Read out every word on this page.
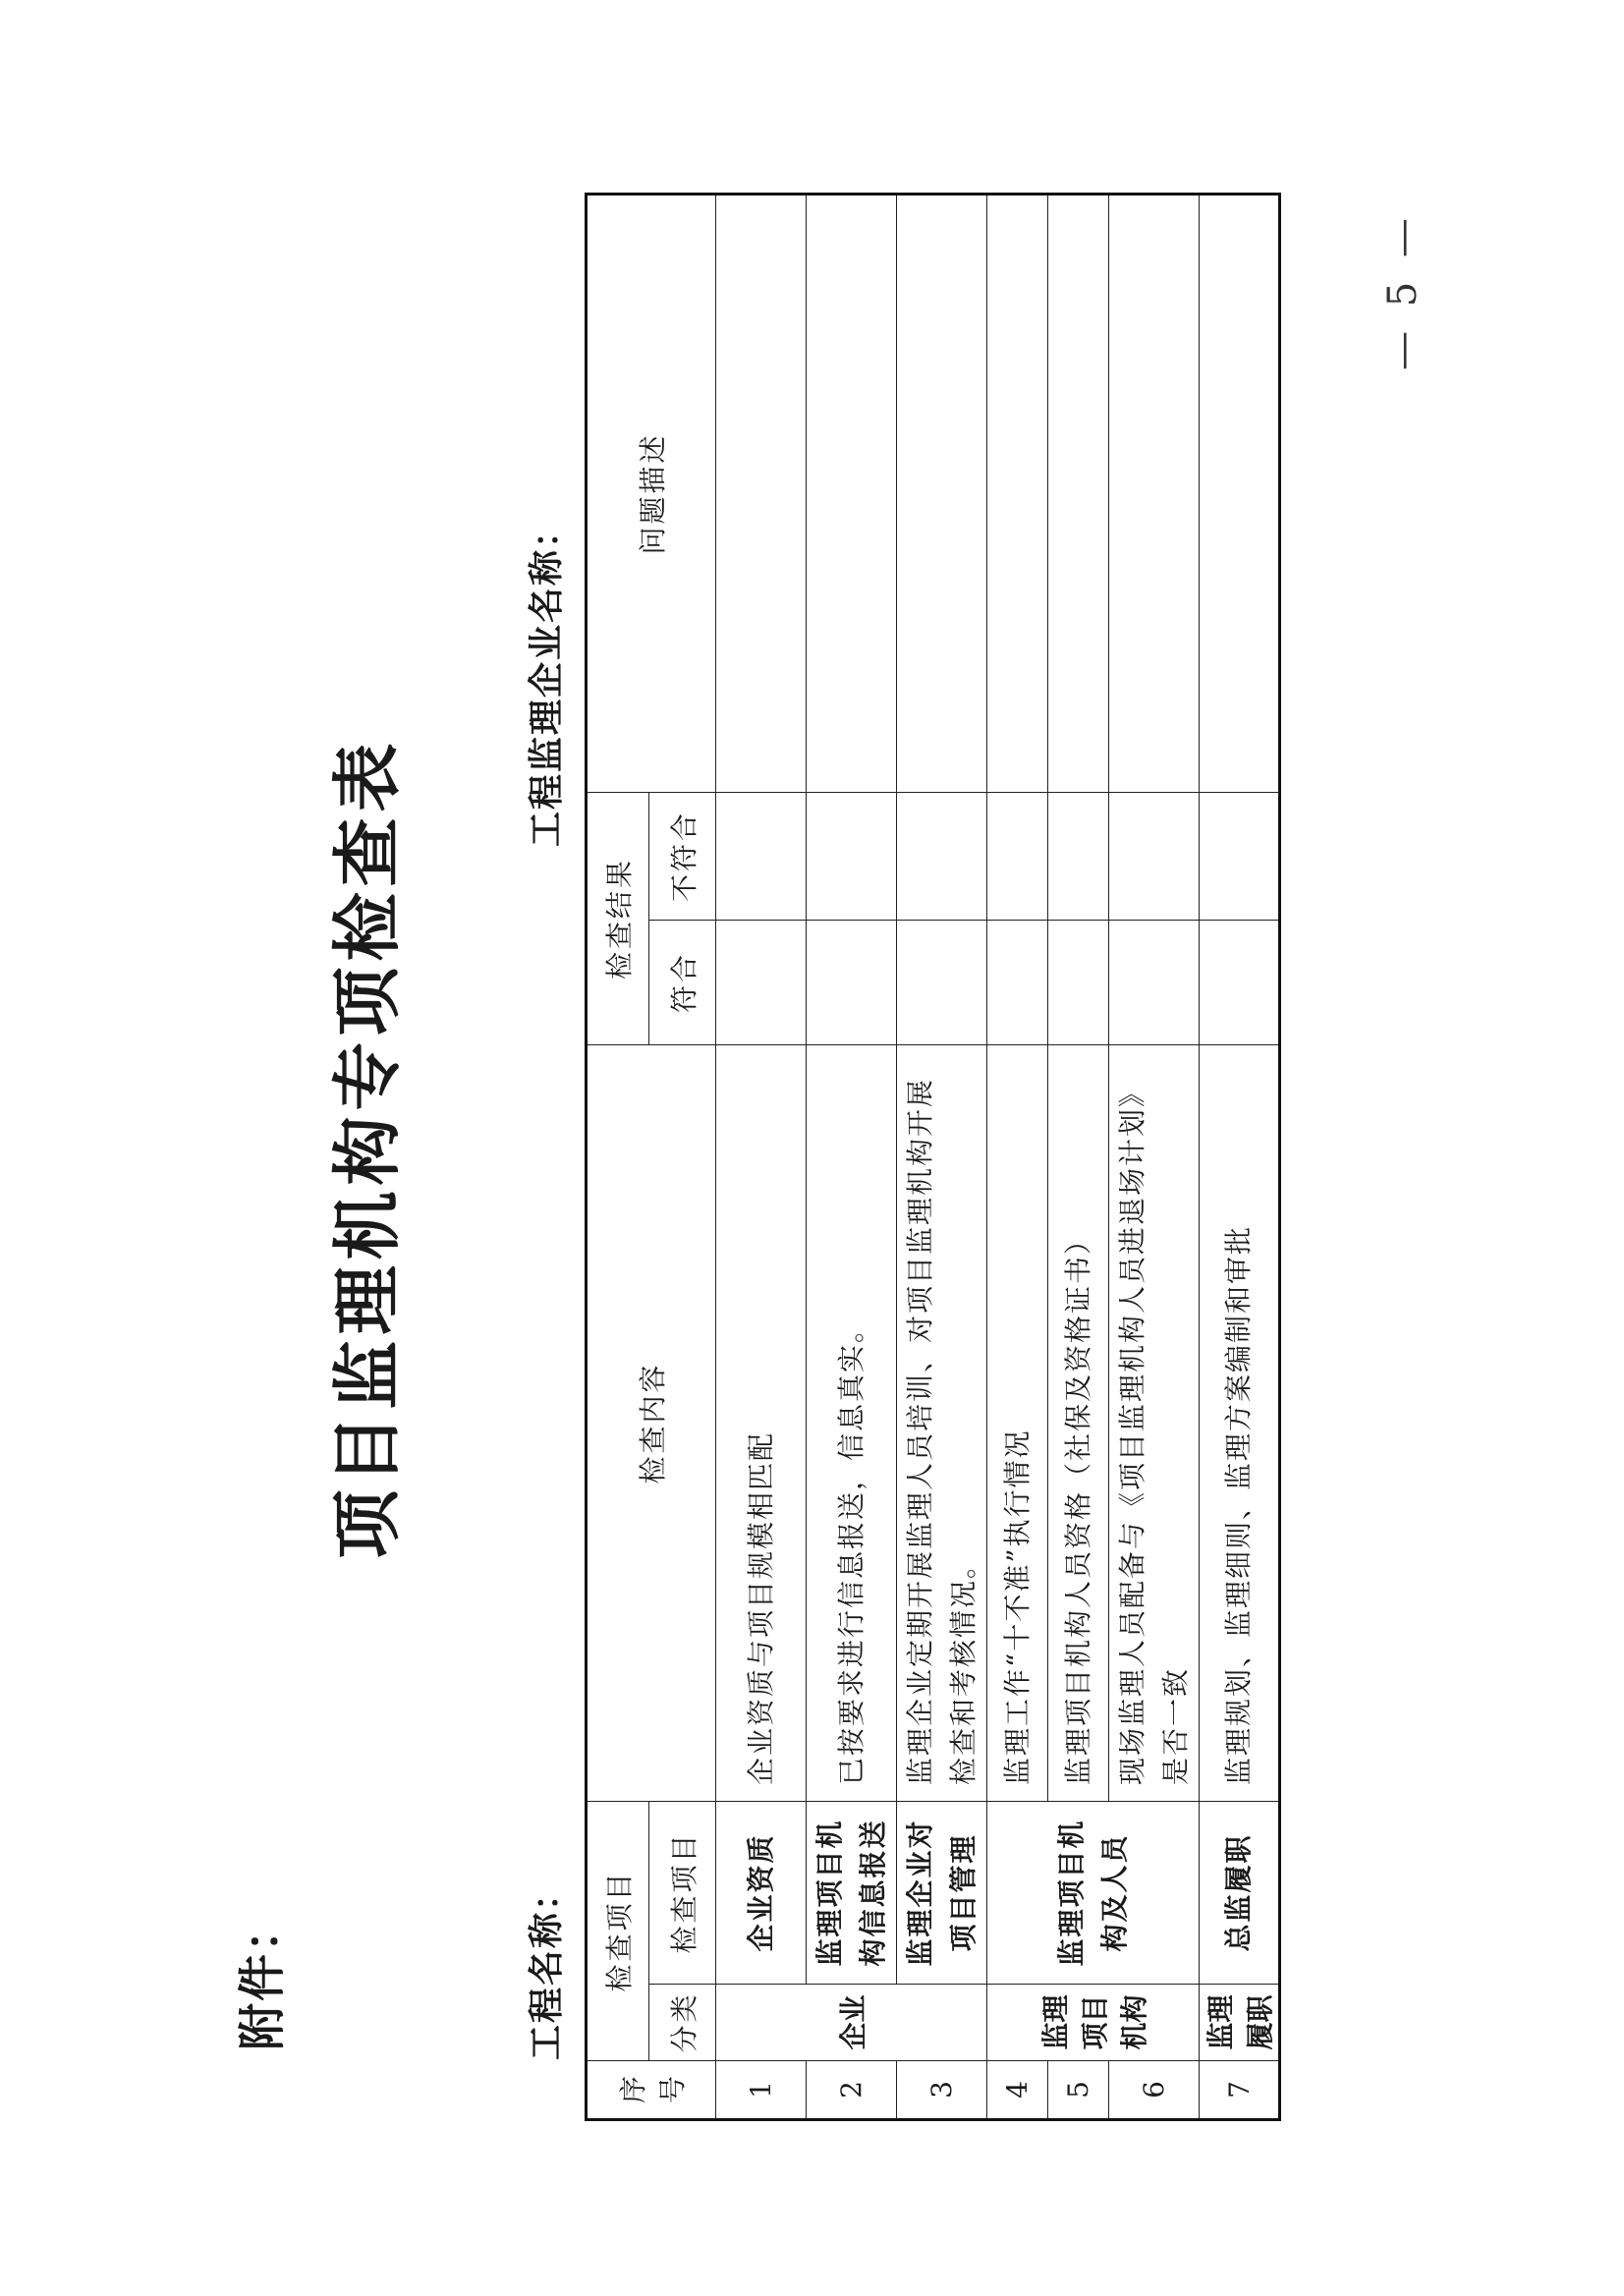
附件：
项目监理机构专项检查表
工程名称：
工程监理企业名称：
序号	检查项目		检查内容	检查结果		问题描述
	分类	检查项目		符合	不符合	
1	企业	企业资质	企业资质与项目规模相匹配			
2		监理项目机构信息报送	已按要求进行信息报送，信息真实。			
3		监理企业对项目管理	监理企业定期开展监理人员培训、对项目监理机构开展检查和考核情况。			
4	监理项目机构	监理项目机构及人员	监理工作“十不准”执行情况			
5			监理项目机构人员资格（社保及资格证书）			
6			现场监理人员配备与《项目监理机构人员进退场计划》是否一致			
7	监理履职	总监履职	监理规划、监理细则、监理方案编制和审批			
— 5 —
